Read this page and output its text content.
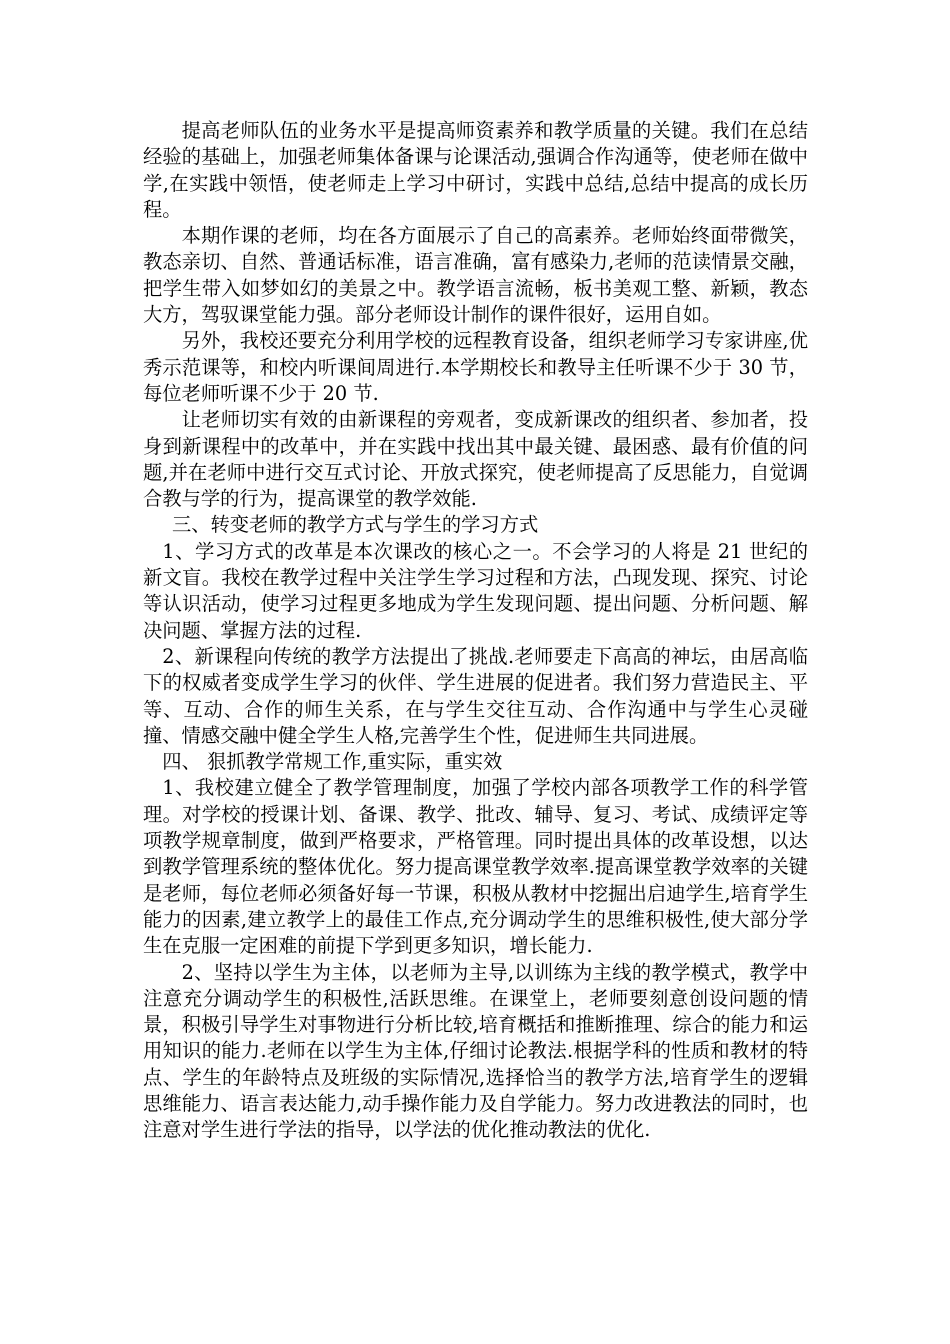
提高老师队伍的业务水平是提高师资素养和教学质量的关键。我们在总结经验的基础上，加强老师集体备课与论课活动,强调合作沟通等，使老师在做中学,在实践中领悟，使老师走上学习中研讨，实践中总结,总结中提高的成长历程。

本期作课的老师，均在各方面展示了自己的高素养。老师始终面带微笑，教态亲切、自然、普通话标准，语言准确，富有感染力,老师的范读情景交融，把学生带入如梦如幻的美景之中。教学语言流畅，板书美观工整、新颖，教态大方，驾驭课堂能力强。部分老师设计制作的课件很好，运用自如。

另外，我校还要充分利用学校的远程教育设备，组织老师学习专家讲座,优秀示范课等，和校内听课间周进行.本学期校长和教导主任听课不少于 30 节，每位老师听课不少于 20 节.

让老师切实有效的由新课程的旁观者，变成新课改的组织者、参加者，投身到新课程中的改革中，并在实践中找出其中最关键、最困惑、最有价值的问题,并在老师中进行交互式讨论、开放式探究，使老师提高了反思能力，自觉调合教与学的行为，提高课堂的教学效能.

三、转变老师的教学方式与学生的学习方式

1、学习方式的改革是本次课改的核心之一。不会学习的人将是 21 世纪的新文盲。我校在教学过程中关注学生学习过程和方法，凸现发现、探究、讨论等认识活动，使学习过程更多地成为学生发现问题、提出问题、分析问题、解决问题、掌握方法的过程.

2、新课程向传统的教学方法提出了挑战.老师要走下高高的神坛，由居高临下的权威者变成学生学习的伙伴、学生进展的促进者。我们努力营造民主、平等、互动、合作的师生关系，在与学生交往互动、合作沟通中与学生心灵碰撞、情感交融中健全学生人格,完善学生个性，促进师生共同进展。

四、 狠抓教学常规工作,重实际，重实效

1、我校建立健全了教学管理制度，加强了学校内部各项教学工作的科学管理。对学校的授课计划、备课、教学、批改、辅导、复习、考试、成绩评定等项教学规章制度，做到严格要求，严格管理。同时提出具体的改革设想，以达到教学管理系统的整体优化。努力提高课堂教学效率.提高课堂教学效率的关键是老师，每位老师必须备好每一节课，积极从教材中挖掘出启迪学生,培育学生能力的因素,建立教学上的最佳工作点,充分调动学生的思维积极性,使大部分学生在克服一定困难的前提下学到更多知识，增长能力.

2、坚持以学生为主体，以老师为主导,以训练为主线的教学模式，教学中注意充分调动学生的积极性,活跃思维。在课堂上，老师要刻意创设问题的情景，积极引导学生对事物进行分析比较,培育概括和推断推理、综合的能力和运用知识的能力.老师在以学生为主体,仔细讨论教法.根据学科的性质和教材的特点、学生的年龄特点及班级的实际情况,选择恰当的教学方法,培育学生的逻辑思维能力、语言表达能力,动手操作能力及自学能力。努力改进教法的同时，也注意对学生进行学法的指导，以学法的优化推动教法的优化.
